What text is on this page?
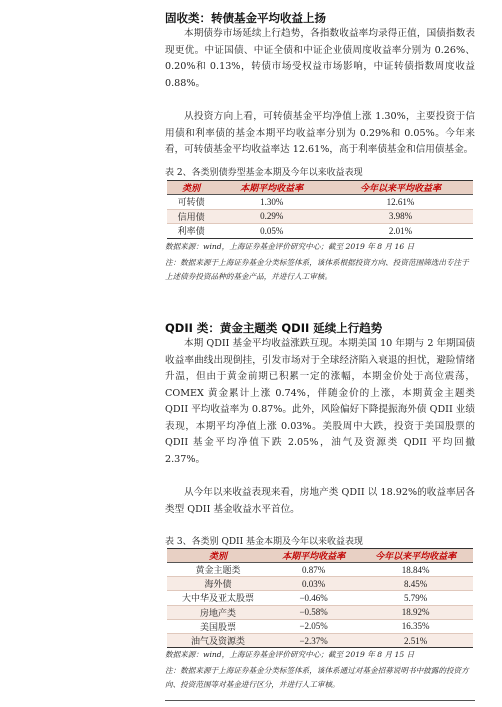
固收类：转债基金平均收益上扬

本期债券市场延续上行趋势，各指数收益率均录得正值，国债指数表现更优。中证国债、中证全债和中证企业债周度收益率分别为 0.26%、0.20%和 0.13%，转债市场受权益市场影响，中证转债指数周度收益 0.88%。

从投资方向上看，可转债基金平均净值上涨 1.30%，主要投资于信用债和利率债的基金本期平均收益率分别为 0.29%和 0.05%。今年来看，可转债基金平均收益率达 12.61%，高于利率债基金和信用债基金。

表 2、各类别债券型基金本期及今年以来收益表现
类别	本期平均收益率	今年以来平均收益率
可转债	1.30%	12.61%
信用债	0.29%	3.98%
利率债	0.05%	2.01%

数据来源：wind，上海证券基金评价研究中心；截至 2019 年 8 月 16 日

注：数据来源于上海证券基金分类标签体系，该体系根据投资方向、投资范围筛选出专注于上述债券投资品种的基金产品，并进行人工审核。

QDII 类：黄金主题类 QDII 延续上行趋势

本期 QDII 基金平均收益涨跌互现。本期美国 10 年期与 2 年期国债收益率曲线出现倒挂，引发市场对于全球经济陷入衰退的担忧，避险情绪升温，但由于黄金前期已积累一定的涨幅，本期金价处于高位震荡，COMEX 黄金累计上涨 0.74%，伴随金价的上涨，本期黄金主题类 QDII 平均收益率为 0.87%。此外，风险偏好下降提振海外债 QDII 业绩表现，本期平均净值上涨 0.03%。美股周中大跌，投资于美国股票的 QDII 基金平均净值下跌 2.05%，油气及资源类 QDII 平均回撤 2.37%。

从今年以来收益表现来看，房地产类 QDII 以 18.92%的收益率居各类型 QDII 基金收益水平首位。

表 3、各类别 QDII 基金本期及今年以来收益表现
类别	本期平均收益率	今年以来平均收益率
黄金主题类	0.87%	18.84%
海外债	0.03%	8.45%
大中华及亚太股票	−0.46%	5.79%
房地产类	−0.58%	18.92%
美国股票	−2.05%	16.35%
油气及资源类	−2.37%	2.51%

数据来源：wind，上海证券基金评价研究中心；截至 2019 年 8 月 15 日

注：数据来源于上海证券基金分类标签体系，该体系通过对基金招募说明书中披露的投资方向、投资范围等对基金进行区分，并进行人工审核。
